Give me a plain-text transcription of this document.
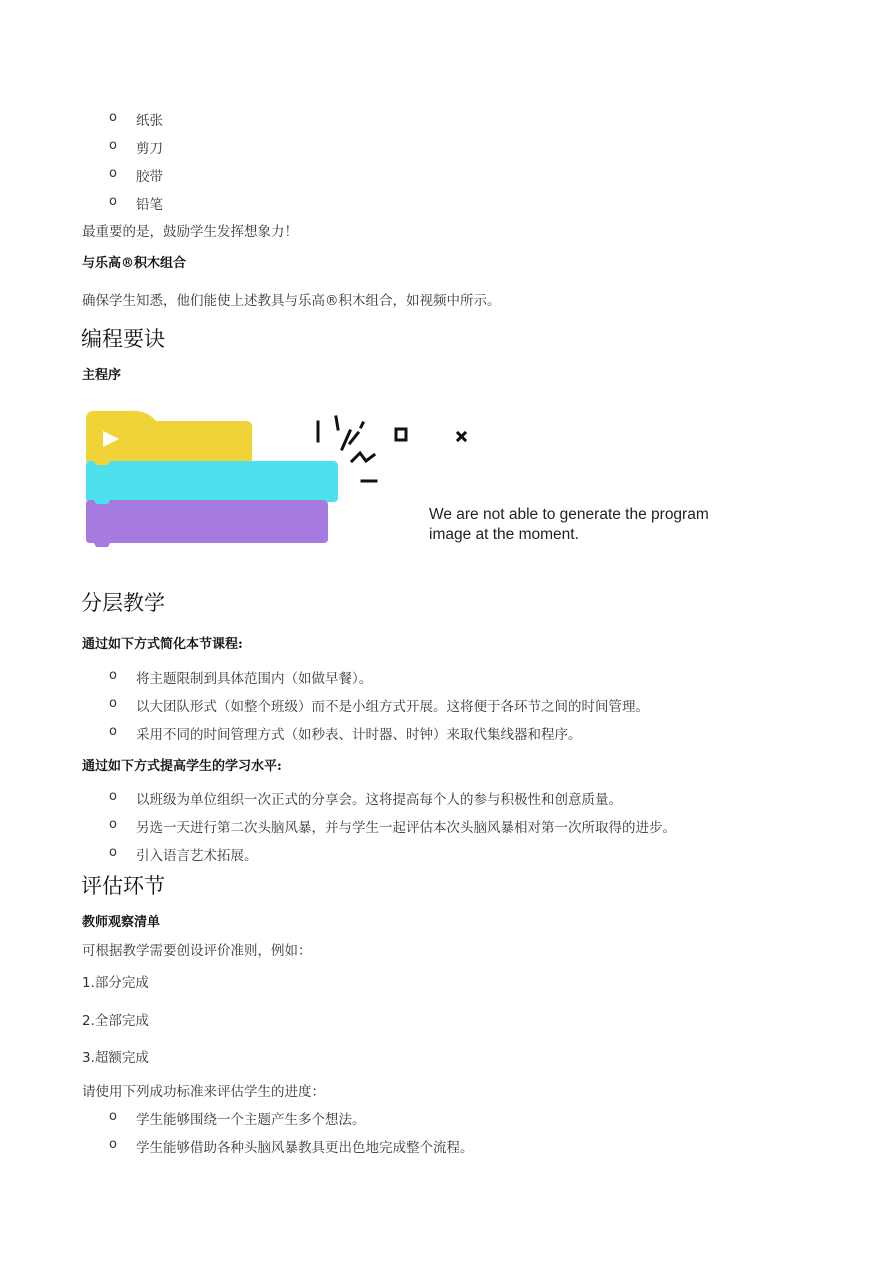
o 纸张
o 剪刀
o 胶带
o 铅笔
最重要的是，鼓励学生发挥想象力！
与乐高®积木组合
确保学生知悉，他们能使上述教具与乐高®积木组合，如视频中所示。
编程要诀
主程序
We are not able to generate the program image at the moment.
分层教学
通过如下方式简化本节课程:
o 将主题限制到具体范围内（如做早餐）。
o 以大团队形式（如整个班级）而不是小组方式开展。这将便于各环节之间的时间管理。
o 采用不同的时间管理方式（如秒表、计时器、时钟）来取代集线器和程序。
通过如下方式提高学生的学习水平:
o 以班级为单位组织一次正式的分享会。这将提高每个人的参与积极性和创意质量。
o 另选一天进行第二次头脑风暴，并与学生一起评估本次头脑风暴相对第一次所取得的进步。
o 引入语言艺术拓展。
评估环节
教师观察清单
可根据教学需要创设评价准则，例如：
1.部分完成
2.全部完成
3.超额完成
请使用下列成功标准来评估学生的进度：
o 学生能够围绕一个主题产生多个想法。
o 学生能够借助各种头脑风暴教具更出色地完成整个流程。
